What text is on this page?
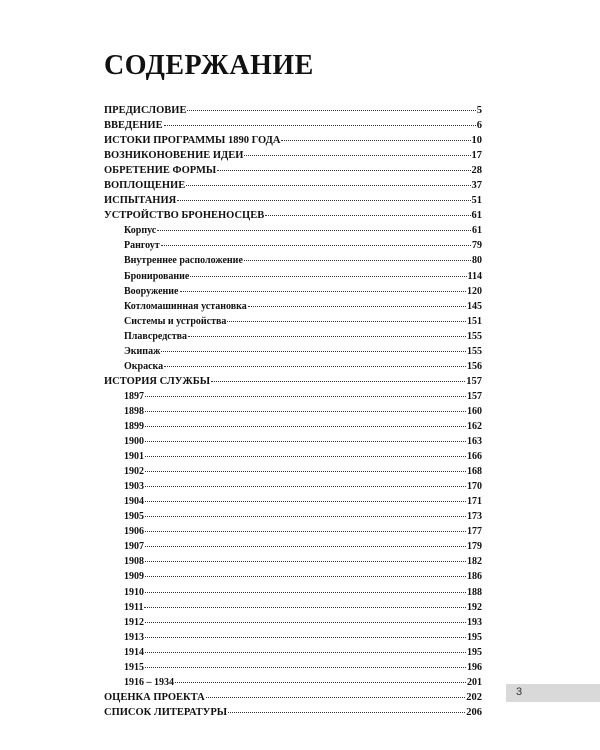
СОДЕРЖАНИЕ
ПРЕДИСЛОВИЕ	5
ВВЕДЕНИЕ	6
ИСТОКИ ПРОГРАММЫ 1890 ГОДА	10
ВОЗНИКОНОВЕНИЕ ИДЕИ	17
ОБРЕТЕНИЕ ФОРМЫ	28
ВОПЛОЩЕНИЕ	37
ИСПЫТАНИЯ	51
УСТРОЙСТВО БРОНЕНОСЦЕВ	61
Корпус	61
Рангоут	79
Внутреннее расположение	80
Бронирование	114
Вооружение	120
Котломашинная установка	145
Системы и устройства	151
Плавсредства	155
Экипаж	155
Окраска	156
ИСТОРИЯ СЛУЖБЫ	157
1897	157
1898	160
1899	162
1900	163
1901	166
1902	168
1903	170
1904	171
1905	173
1906	177
1907	179
1908	182
1909	186
1910	188
1911	192
1912	193
1913	195
1914	195
1915	196
1916 – 1934	201
ОЦЕНКА ПРОЕКТА	202
СПИСОК ЛИТЕРАТУРЫ	206
3
